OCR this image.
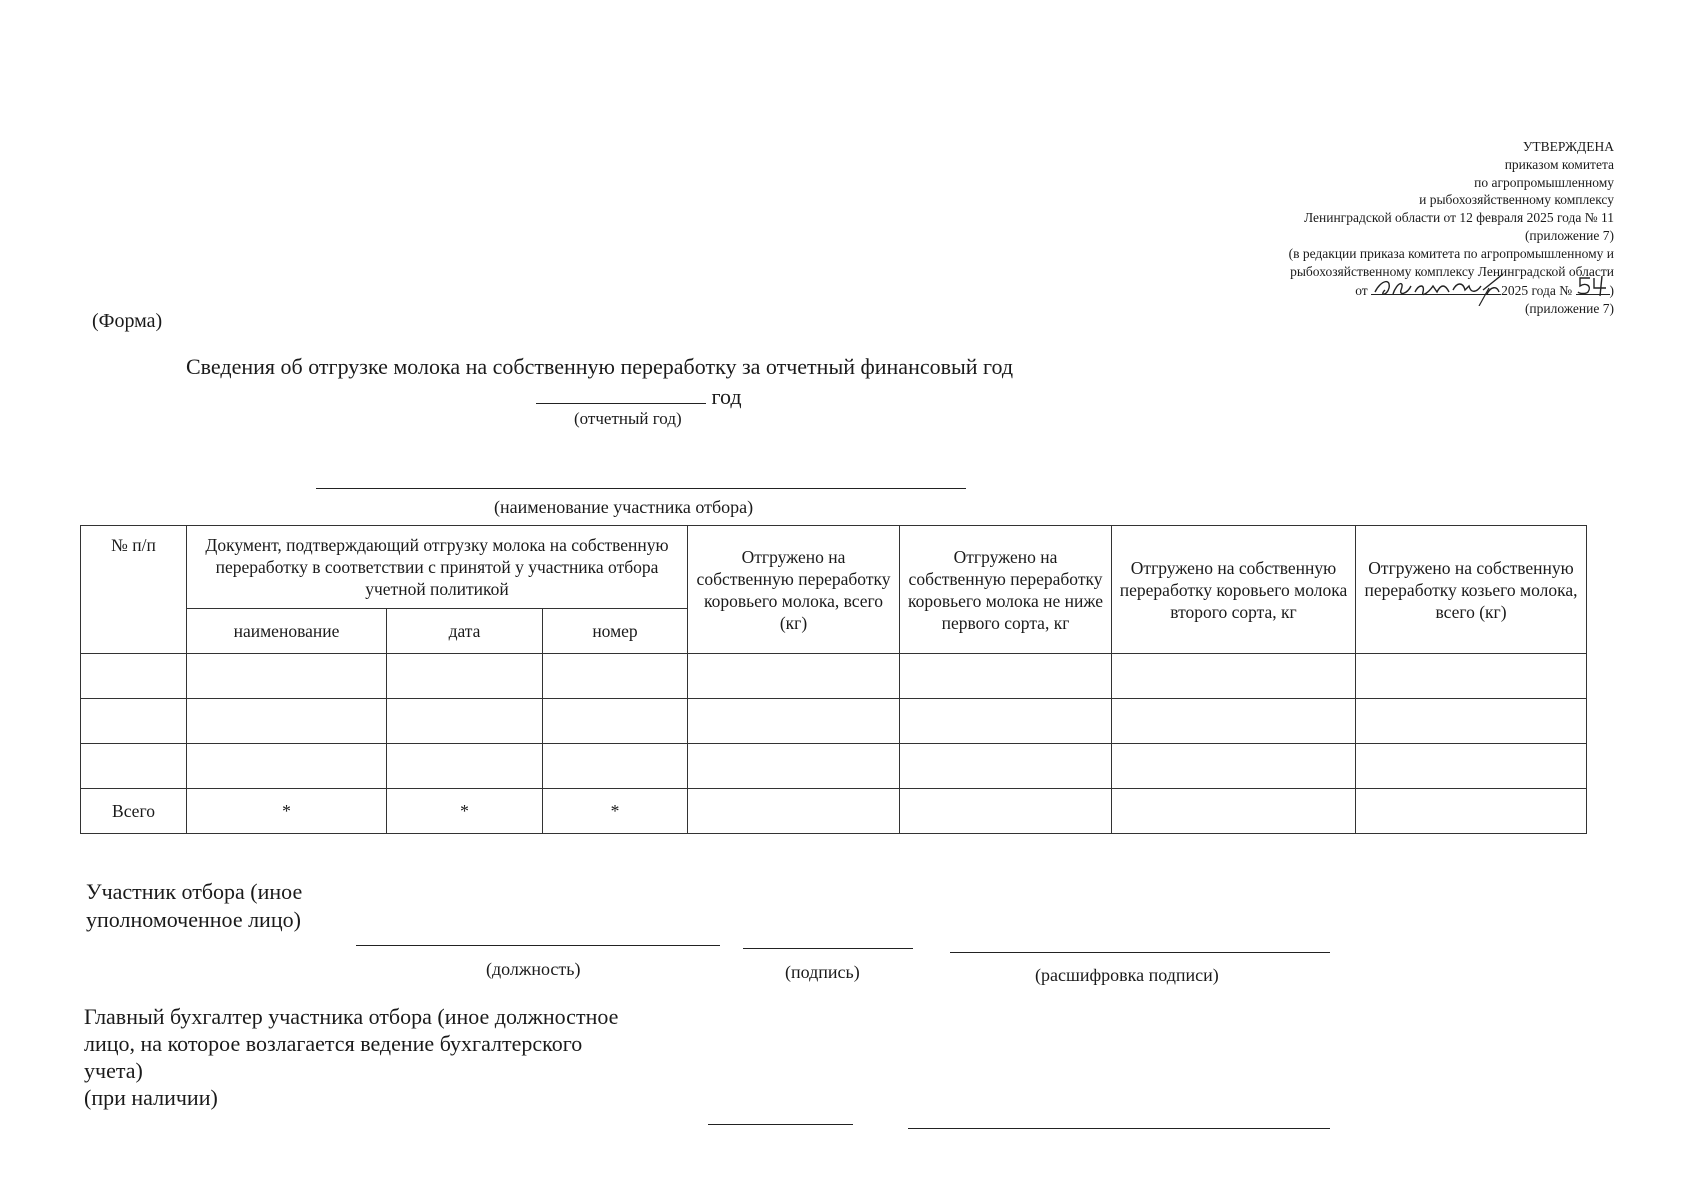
УТВЕРЖДЕНА
приказом комитета
по агропромышленному
и рыбохозяйственному комплексу
Ленинградской области от 12 февраля 2025 года № 11
(приложение 7)
(в редакции приказа комитета по агропромышленному и
рыбохозяйственному комплексу Ленинградской области
от	2025 года №	)
(приложение 7)
(Форма)
Сведения об отгрузке молока на собственную переработку за отчетный финансовый год
год
(отчетный год)
(наименование участника отбора)
№ п/п	Документ, подтверждающий отгрузку молока на собственную переработку в соответствии с принятой у участника отбора учетной политикой			Отгружено на собственную переработку коровьего молока, всего (кг)	Отгружено на собственную переработку коровьего молока не ниже первого сорта, кг	Отгружено на собственную переработку коровьего молока второго сорта, кг	Отгружено на собственную переработку козьего молока, всего (кг)
	наименование	дата	номер				

Всего	*	*	*				
Участник отбора (иное
уполномоченное лицо)
(должность)	(подпись)	(расшифровка подписи)
Главный бухгалтер участника отбора (иное должностное
лицо, на которое возлагается ведение бухгалтерского
учета)
(при наличии)
